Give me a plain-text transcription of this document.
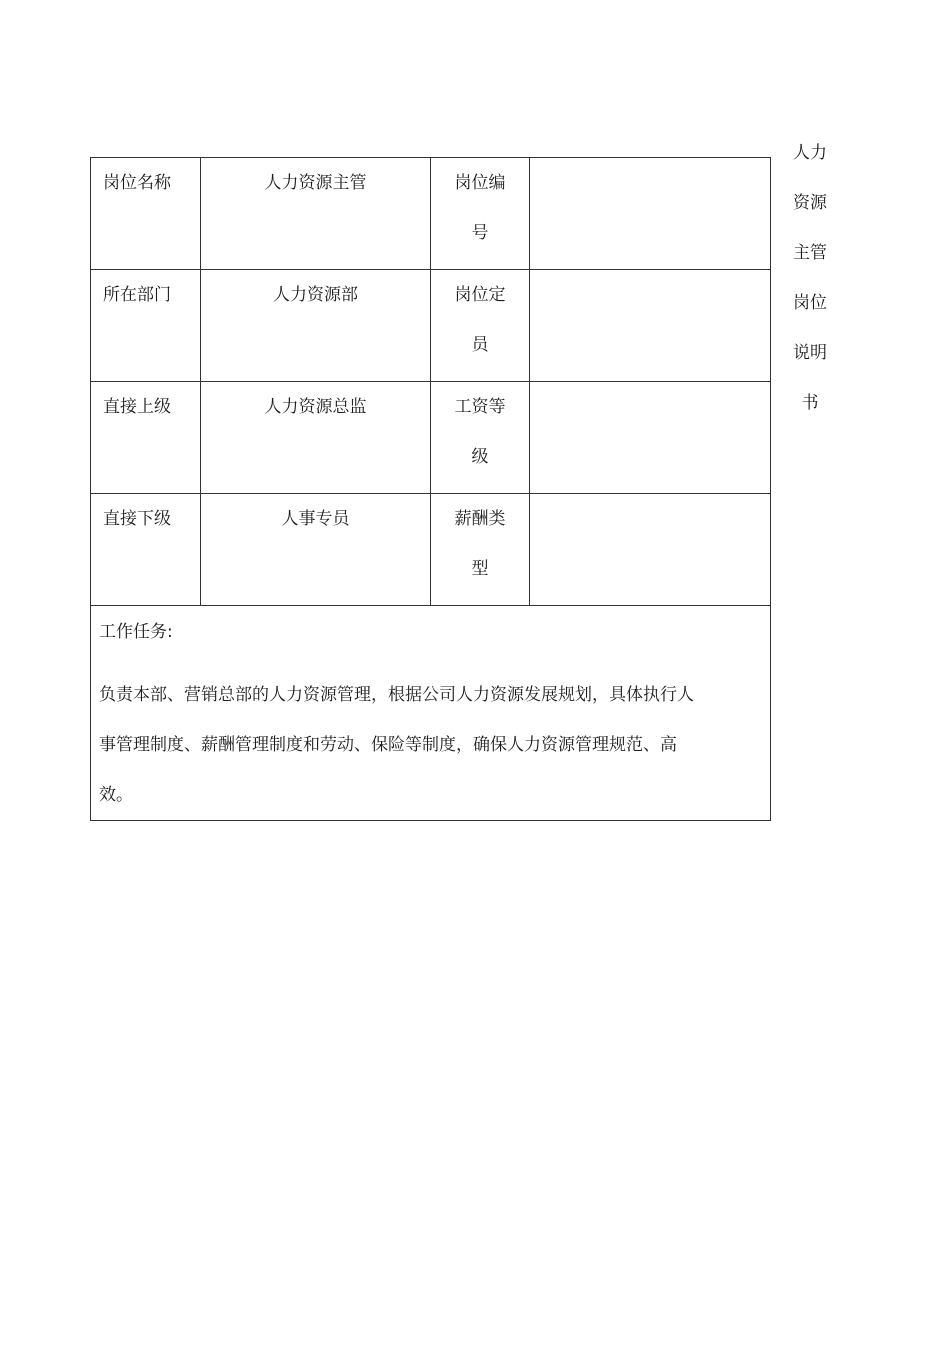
人力
资源
主管
岗位
说明
书
岗位名称	人力资源主管	岗位编
号	

所在部门	人力资源部	岗位定
员	

直接上级	人力资源总监	工资等
级	

直接下级	人事专员	薪酬类
型	

工作任务:
负责本部、营销总部的人力资源管理，根据公司人力资源发展规划，具体执行人事管理制度、薪酬管理制度和劳动、保险等制度，确保人力资源管理规范、高效。			
